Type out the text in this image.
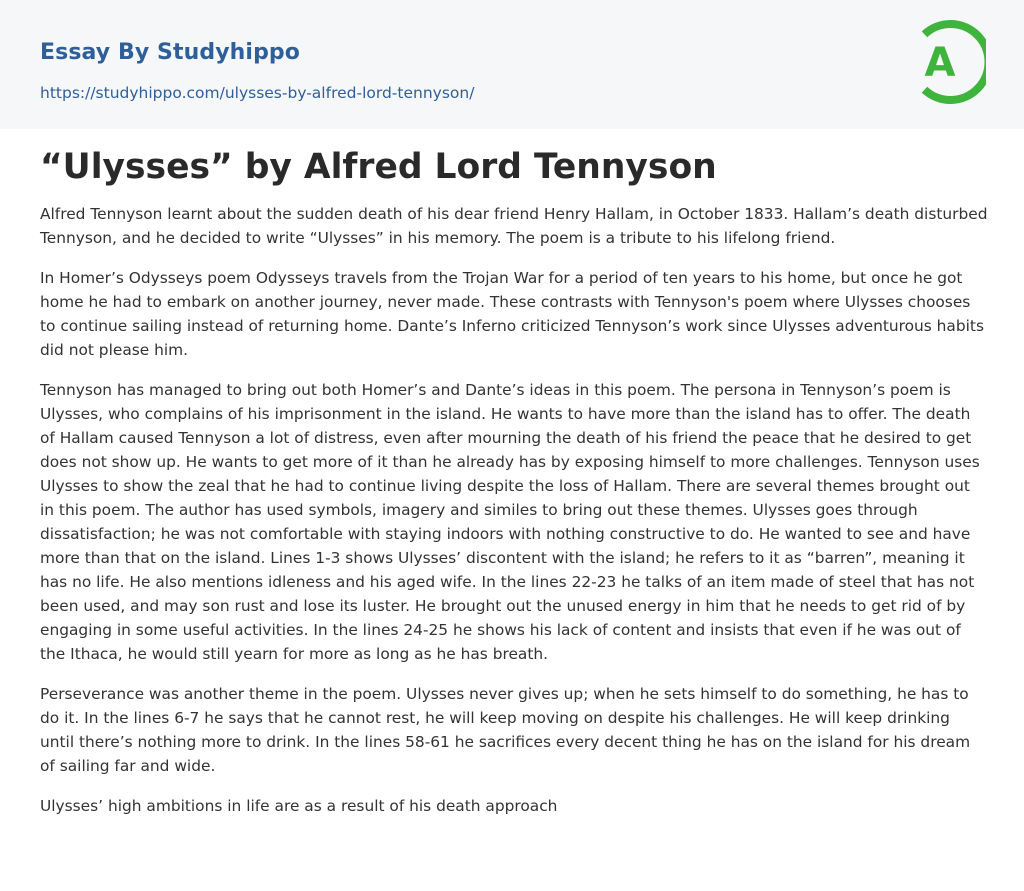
Essay By Studyhippo
https://studyhippo.com/ulysses-by-alfred-lord-tennyson/
A
“Ulysses” by Alfred Lord Tennyson

Alfred Tennyson learnt about the sudden death of his dear friend Henry Hallam, in October 1833. Hallam’s death disturbed Tennyson, and he decided to write “Ulysses” in his memory. The poem is a tribute to his lifelong friend.

In Homer’s Odysseys poem Odysseys travels from the Trojan War for a period of ten years to his home, but once he got home he had to embark on another journey, never made. These contrasts with Tennyson's poem where Ulysses chooses to continue sailing instead of returning home. Dante’s Inferno criticized Tennyson’s work since Ulysses adventurous habits did not please him.

Tennyson has managed to bring out both Homer’s and Dante’s ideas in this poem. The persona in Tennyson’s poem is Ulysses, who complains of his imprisonment in the island. He wants to have more than the island has to offer. The death of Hallam caused Tennyson a lot of distress, even after mourning the death of his friend the peace that he desired to get does not show up. He wants to get more of it than he already has by exposing himself to more challenges. Tennyson uses Ulysses to show the zeal that he had to continue living despite the loss of Hallam. There are several themes brought out in this poem. The author has used symbols, imagery and similes to bring out these themes. Ulysses goes through dissatisfaction; he was not comfortable with staying indoors with nothing constructive to do. He wanted to see and have more than that on the island. Lines 1-3 shows Ulysses’ discontent with the island; he refers to it as “barren”, meaning it has no life. He also mentions idleness and his aged wife. In the lines 22-23 he talks of an item made of steel that has not been used, and may son rust and lose its luster. He brought out the unused energy in him that he needs to get rid of by engaging in some useful activities. In the lines 24-25 he shows his lack of content and insists that even if he was out of the Ithaca, he would still yearn for more as long as he has breath.

Perseverance was another theme in the poem. Ulysses never gives up; when he sets himself to do something, he has to do it. In the lines 6-7 he says that he cannot rest, he will keep moving on despite his challenges. He will keep drinking until there’s nothing more to drink. In the lines 58-61 he sacrifices every decent thing he has on the island for his dream of sailing far and wide.

Ulysses’ high ambitions in life are as a result of his death approach
